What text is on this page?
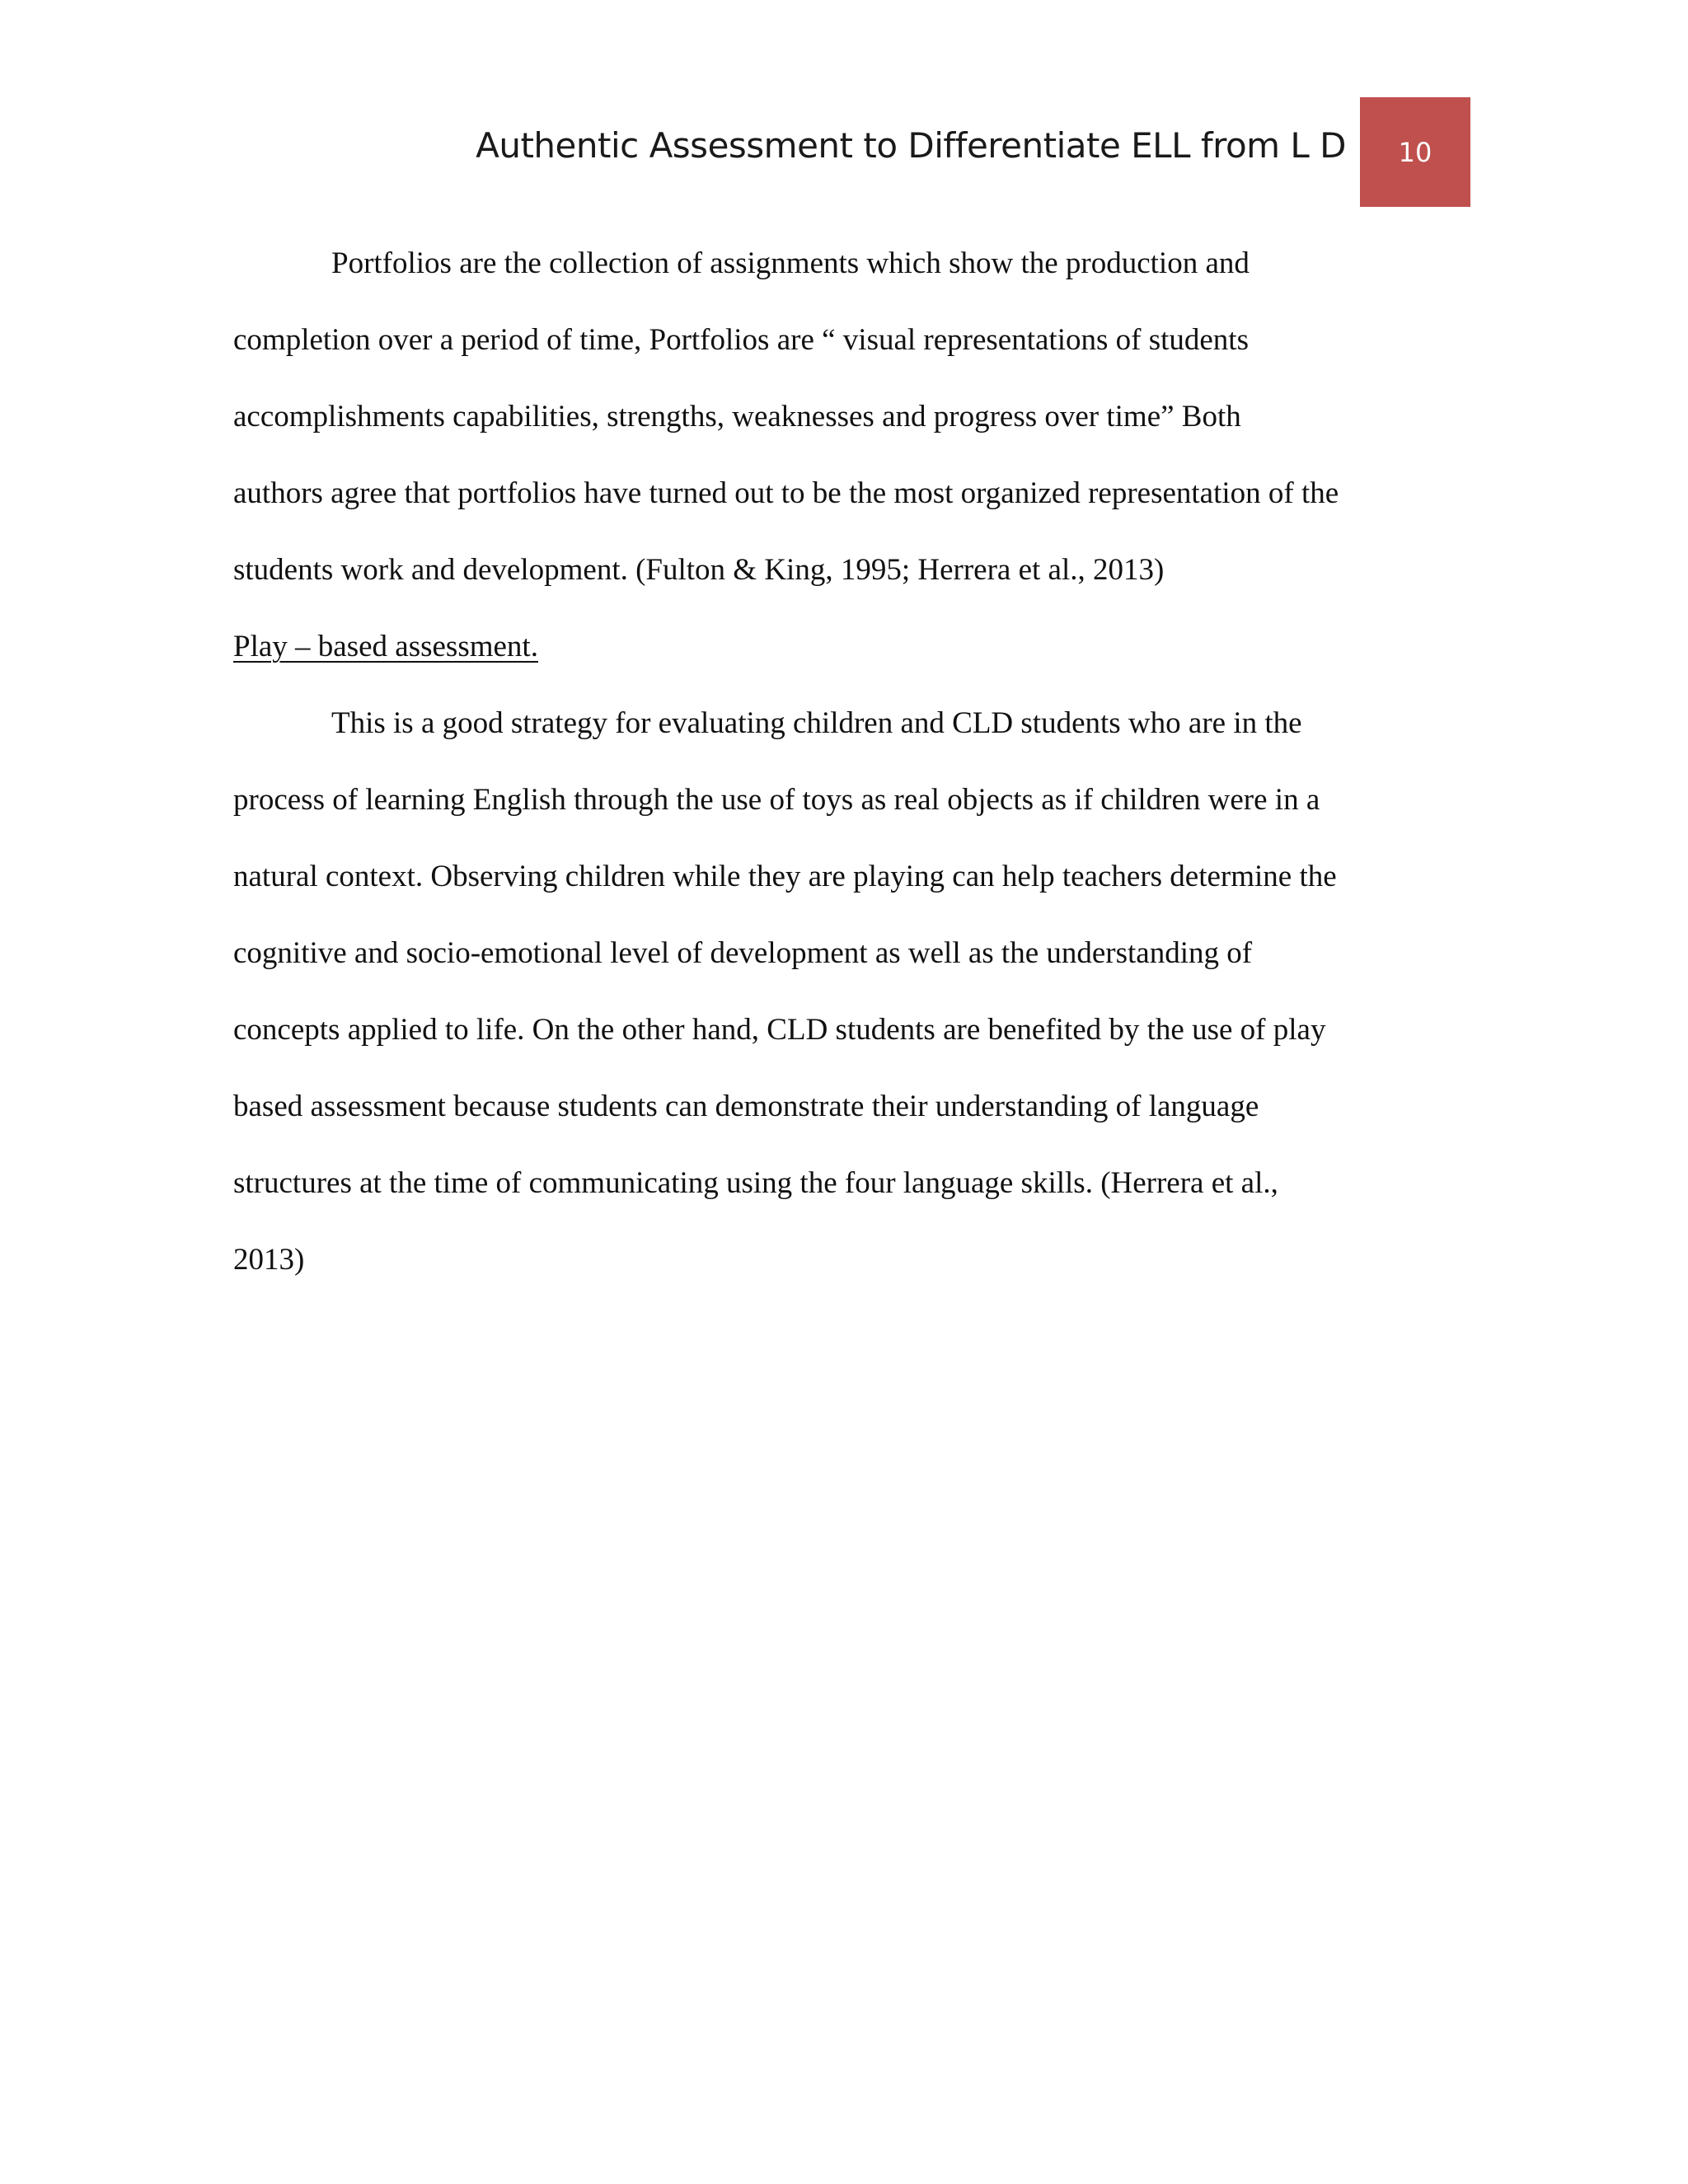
Authentic Assessment to Differentiate ELL from L D 10
Portfolios are the collection of assignments which show the production and
completion over a period of time, Portfolios are “ visual representations of students
accomplishments capabilities, strengths, weaknesses and progress over time” Both
authors agree that portfolios have turned out to be the most organized representation of the
students work and development. (Fulton & King, 1995; Herrera et al., 2013)
Play – based assessment.
This is a good strategy for evaluating children and CLD students who are in the
process of learning English through the use of toys as real objects as if children were in a
natural context. Observing children while they are playing can help teachers determine the
cognitive and socio-emotional level of development as well as the understanding of
concepts applied to life. On the other hand, CLD students are benefited by the use of play
based assessment because students can demonstrate their understanding of language
structures at the time of communicating using the four language skills. (Herrera et al.,
2013)
